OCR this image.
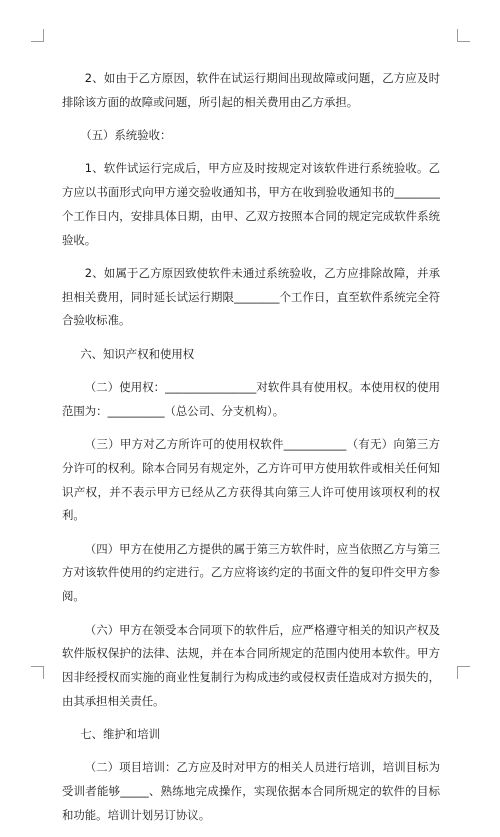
2、如由于乙方原因，软件在试运行期间出现故障或问题，乙方应及时排除该方面的故障或问题，所引起的相关费用由乙方承担。

（五）系统验收：

1、软件试运行完成后，甲方应及时按规定对该软件进行系统验收。乙方应以书面形式向甲方递交验收通知书，甲方在收到验收通知书的________个工作日内，安排具体日期，由甲、乙双方按照本合同的规定完成软件系统验收。

2、如属于乙方原因致使软件未通过系统验收，乙方应排除故障，并承担相关费用，同时延长试运行期限________个工作日，直至软件系统完全符合验收标准。

六、知识产权和使用权

（二）使用权：________________对软件具有使用权。本使用权的使用范围为：__________（总公司、分支机构）。

（三）甲方对乙方所许可的使用权软件___________（有无）向第三方分许可的权利。除本合同另有规定外，乙方许可甲方使用软件或相关任何知识产权，并不表示甲方已经从乙方获得其向第三人许可使用该项权利的权利。

（四）甲方在使用乙方提供的属于第三方软件时，应当依照乙方与第三方对该软件使用的约定进行。乙方应将该约定的书面文件的复印件交甲方参阅。

（六）甲方在领受本合同项下的软件后，应严格遵守相关的知识产权及软件版权保护的法律、法规，并在本合同所规定的范围内使用本软件。甲方因非经授权而实施的商业性复制行为构成违约或侵权责任造成对方损失的，由其承担相关责任。

七、维护和培训

（二）项目培训：乙方应及时对甲方的相关人员进行培训，培训目标为受训者能够_____、熟练地完成操作，实现依据本合同所规定的软件的目标和功能。培训计划另订协议。
